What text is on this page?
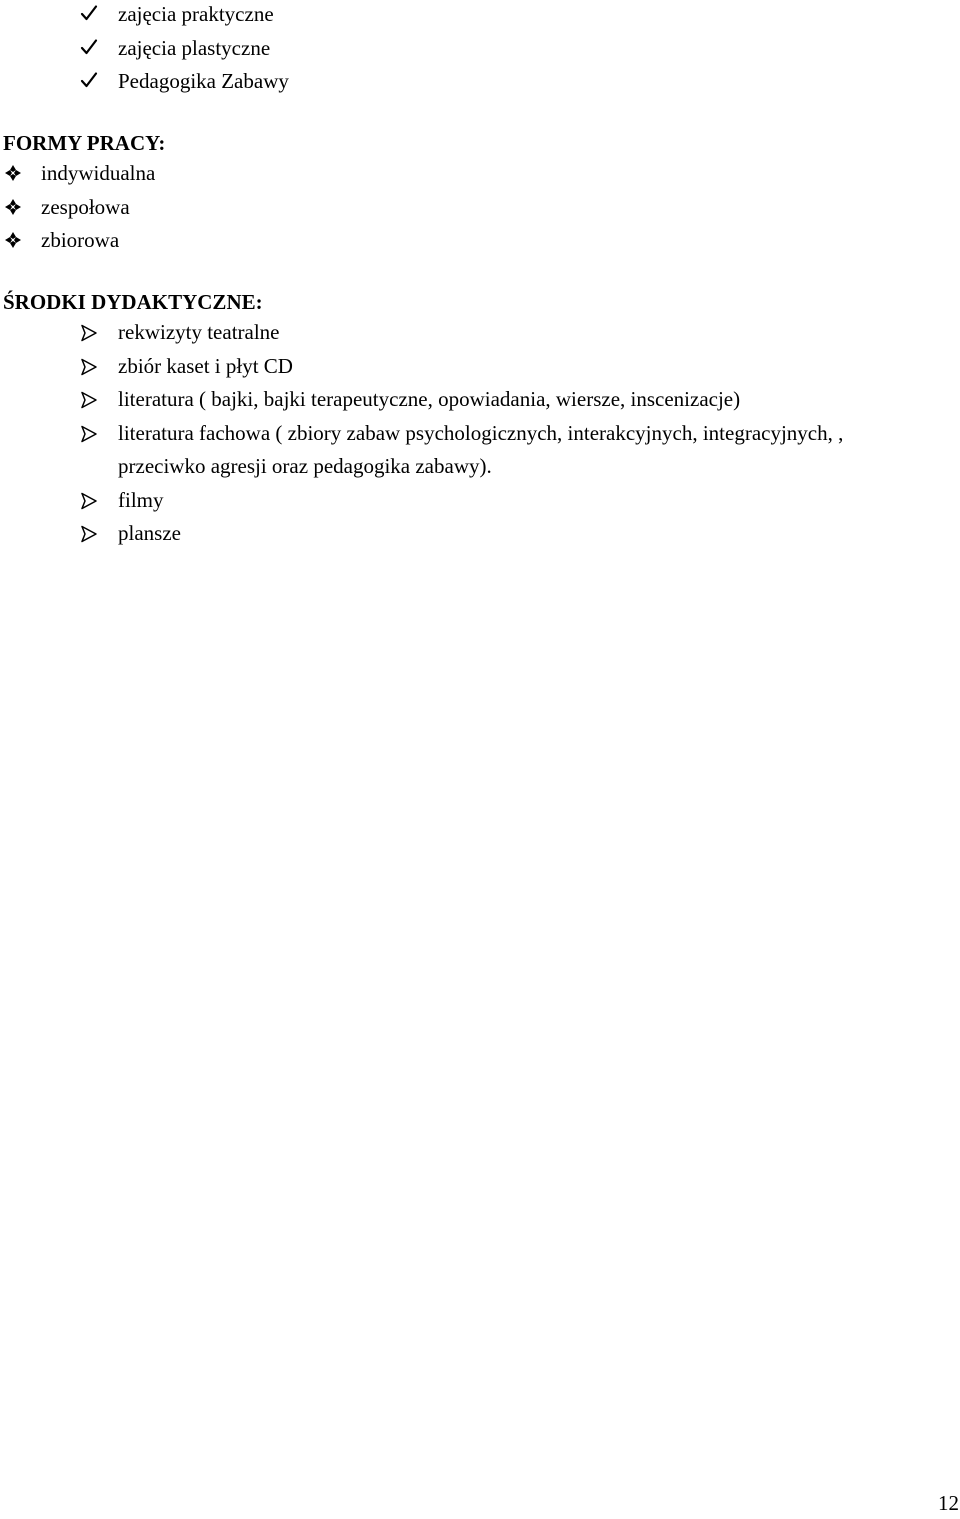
zajęcia praktyczne
zajęcia plastyczne
Pedagogika Zabawy
FORMY PRACY:
indywidualna
zespołowa
zbiorowa
ŚRODKI DYDAKTYCZNE:
rekwizyty teatralne
zbiór kaset i płyt CD
literatura ( bajki, bajki terapeutyczne, opowiadania, wiersze, inscenizacje)
literatura fachowa ( zbiory zabaw psychologicznych, interakcyjnych, integracyjnych, , przeciwko agresji oraz pedagogika zabawy).
filmy
plansze
12
